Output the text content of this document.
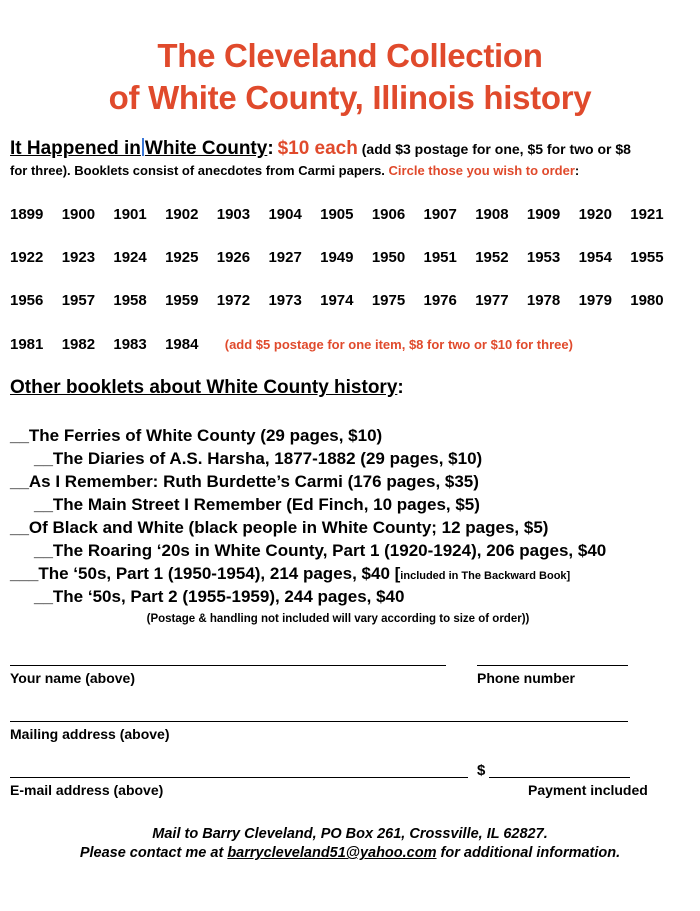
The Cleveland Collection
of White County, Illinois history
It Happened in White County: $10 each (add $3 postage for one, $5 for two or $8
for three). Booklets consist of anecdotes from Carmi papers. Circle those you wish to order:
1899 1900 1901 1902 1903 1904 1905 1906 1907 1908 1909 1920 1921
1922 1923 1924 1925 1926 1927 1949 1950 1951 1952 1953 1954 1955
1956 1957 1958 1959 1972 1973 1974 1975 1976 1977 1978 1979 1980
1981 1982 1983 1984 (add $5 postage for one item, $8 for two or $10 for three)
Other booklets about White County history:
__The Ferries of White County (29 pages, $10)
__The Diaries of A.S. Harsha, 1877-1882 (29 pages, $10)
__As I Remember: Ruth Burdette’s Carmi (176 pages, $35)
__The Main Street I Remember (Ed Finch, 10 pages, $5)
__Of Black and White (black people in White County; 12 pages, $5)
__The Roaring ‘20s in White County, Part 1 (1920-1924), 206 pages, $40
___The ‘50s, Part 1 (1950-1954), 214 pages, $40 [included in The Backward Book]
__The ‘50s, Part 2 (1955-1959), 244 pages, $40
(Postage & handling not included will vary according to size of order))
Your name (above)	Phone number
Mailing address (above)
$
E-mail address (above)	Payment included
Mail to Barry Cleveland, PO Box 261, Crossville, IL 62827.
Please contact me at barrycleveland51@yahoo.com for additional information.
